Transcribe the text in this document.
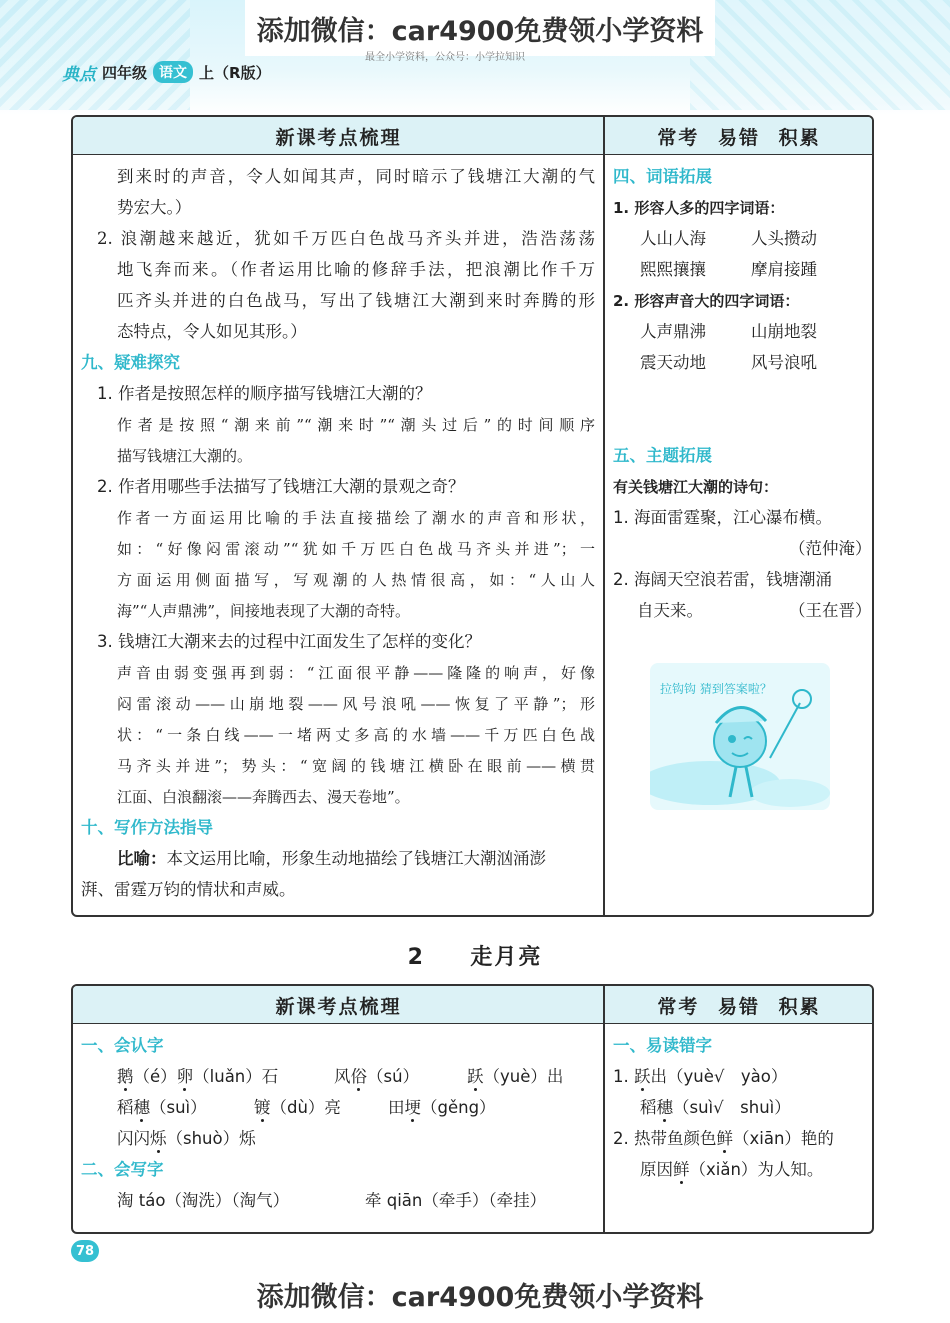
添加微信：car4900免费领小学资料
最全小学资料，公众号：小学拉知识
典点 四年级 语文 上（R版）
新课考点梳理	常考 易错 积累
到来时的声音，令人如闻其声，同时暗示了钱塘江大潮的气
势宏大。）
2. 浪潮越来越近，犹如千万匹白色战马齐头并进，浩浩荡荡
地飞奔而来。（作者运用比喻的修辞手法，把浪潮比作千万
匹齐头并进的白色战马，写出了钱塘江大潮到来时奔腾的形
态特点，令人如见其形。）
九、疑难探究
1. 作者是按照怎样的顺序描写钱塘江大潮的？
作者是按照“潮来前”“潮来时”“潮头过后”的时间顺序
描写钱塘江大潮的。
2. 作者用哪些手法描写了钱塘江大潮的景观之奇？
作者一方面运用比喻的手法直接描绘了潮水的声音和形状，
如：“好像闷雷滚动”“犹如千万匹白色战马齐头并进”；一
方面运用侧面描写，写观潮的人热情很高，如：“人山人
海”“人声鼎沸”，间接地表现了大潮的奇特。
3. 钱塘江大潮来去的过程中江面发生了怎样的变化？
声音由弱变强再到弱：“江面很平静——隆隆的响声，好像
闷雷滚动——山崩地裂——风号浪吼——恢复了平静”；形
状：“一条白线——一堵两丈多高的水墙——千万匹白色战
马齐头并进”；势头：“宽阔的钱塘江横卧在眼前——横贯
江面、白浪翻滚——奔腾西去、漫天卷地”。
十、写作方法指导
比喻：本文运用比喻，形象生动地描绘了钱塘江大潮汹涌澎
湃、雷霆万钧的情状和声威。
四、词语拓展
1. 形容人多的四字词语：
人山人海	人头攒动
熙熙攘攘	摩肩接踵
2. 形容声音大的四字词语：
人声鼎沸	山崩地裂
震天动地	风号浪吼
五、主题拓展
有关钱塘江大潮的诗句：
1. 海面雷霆聚，江心瀑布横。
（范仲淹）
2. 海阔天空浪若雷，钱塘潮涌
自天来。	（王在晋）
拉钩钩 猜到答案啦？
2 走月亮
新课考点梳理	常考 易错 积累
一、会认字
鹅（é）卵（luǎn）石	风俗（sú）	跃（yuè）出
稻穗（suì）	镀（dù）亮	田埂（gěng）
闪闪烁（shuò）烁
二、会写字
淘 táo（淘洗）（淘气）	牵 qiān（牵手）（牵挂）
一、易读错字
1. 跃出（yuè√　yào）
稻穗（suì√　shuì）
2. 热带鱼颜色鲜（xiān）艳的
原因鲜（xiǎn）为人知。
78
添加微信：car4900免费领小学资料
